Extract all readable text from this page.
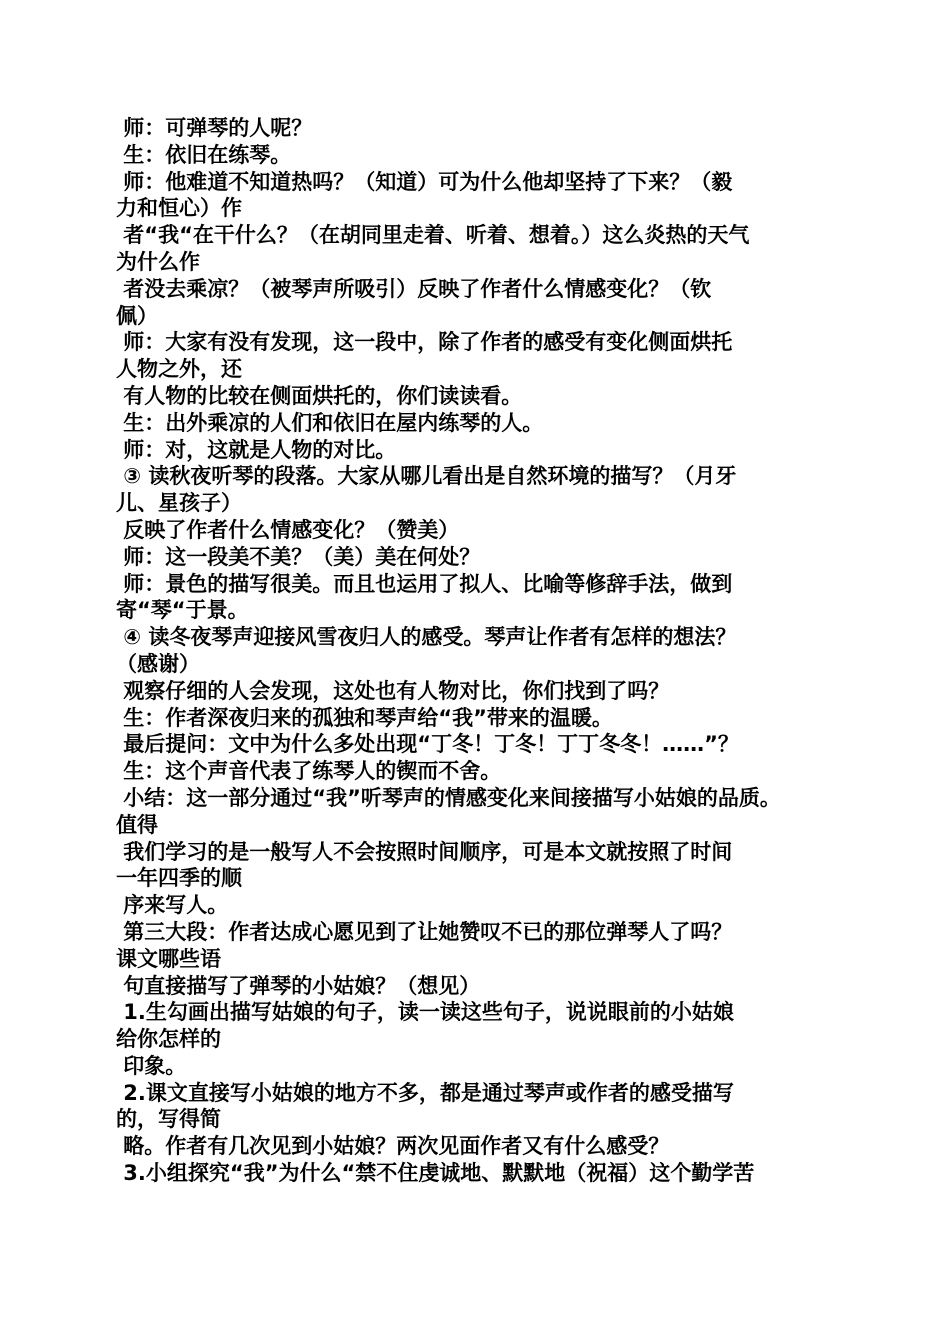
师：可弹琴的人呢？
生：依旧在练琴。
师：他难道不知道热吗？（知道）可为什么他却坚持了下来？（毅
力和恒心）作
者“我“在干什么？（在胡同里走着、听着、想着。）这么炎热的天气
为什么作
者没去乘凉？（被琴声所吸引）反映了作者什么情感变化？（钦
佩）
师：大家有没有发现，这一段中，除了作者的感受有变化侧面烘托
人物之外，还
有人物的比较在侧面烘托的，你们读读看。
生：出外乘凉的人们和依旧在屋内练琴的人。
师：对，这就是人物的对比。
③ 读秋夜听琴的段落。大家从哪儿看出是自然环境的描写？（月牙
儿、星孩子）
反映了作者什么情感变化？（赞美）
师：这一段美不美？（美）美在何处？
师：景色的描写很美。而且也运用了拟人、比喻等修辞手法，做到
寄“琴“于景。
④ 读冬夜琴声迎接风雪夜归人的感受。琴声让作者有怎样的想法？
（感谢）
观察仔细的人会发现，这处也有人物对比，你们找到了吗？
生：作者深夜归来的孤独和琴声给“我”带来的温暖。
最后提问：文中为什么多处出现“丁冬！丁冬！丁丁冬冬！……”？
生：这个声音代表了练琴人的锲而不舍。
小结：这一部分通过“我”听琴声的情感变化来间接描写小姑娘的品质。
值得
我们学习的是一般写人不会按照时间顺序，可是本文就按照了时间
一年四季的顺
序来写人。
第三大段：作者达成心愿见到了让她赞叹不已的那位弹琴人了吗？
课文哪些语
句直接描写了弹琴的小姑娘？（想见）
1.生勾画出描写姑娘的句子，读一读这些句子，说说眼前的小姑娘
给你怎样的
印象。
2.课文直接写小姑娘的地方不多，都是通过琴声或作者的感受描写
的，写得简
略。作者有几次见到小姑娘？两次见面作者又有什么感受？
3.小组探究“我”为什么“禁不住虔诚地、默默地（祝福）这个勤学苦
